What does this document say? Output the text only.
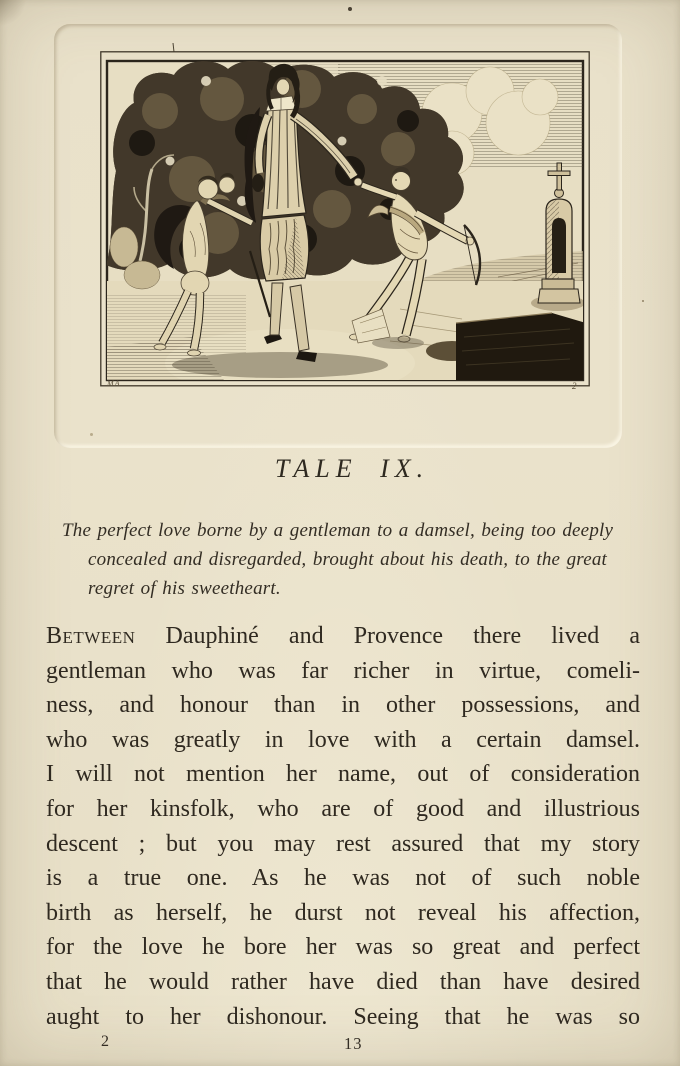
MA	2
TALE IX.
The perfect love borne by a gentleman to a damsel, being too deeply
concealed and disregarded, brought about his death, to the great
regret of his sweetheart.
Between Dauphiné and Provence there lived a
gentleman who was far richer in virtue, comeli-
ness, and honour than in other possessions, and
who was greatly in love with a certain damsel.
I will not mention her name, out of consideration
for her kinsfolk, who are of good and illustrious
descent ; but you may rest assured that my story
is a true one. As he was not of such noble
birth as herself, he durst not reveal his affection,
for the love he bore her was so great and perfect
that he would rather have died than have desired
aught to her dishonour. Seeing that he was so
2	13
